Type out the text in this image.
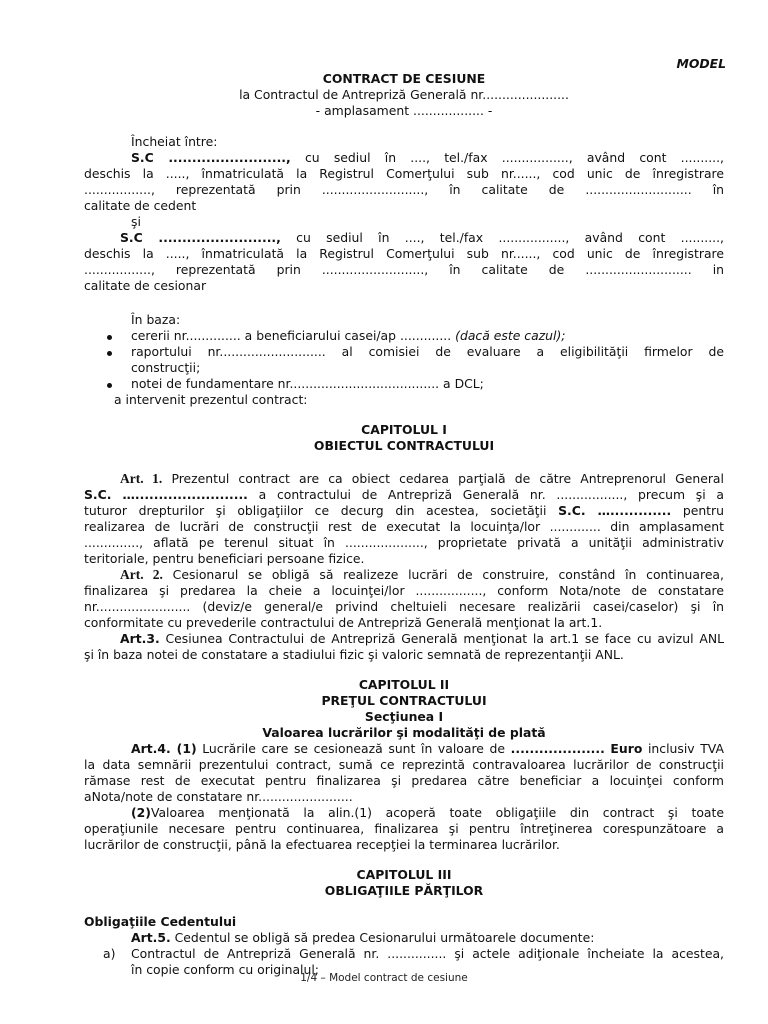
MODEL
CONTRACT DE CESIUNE
la Contractul de Antrepriză Generală nr......................
- amplasament .................. -
Încheiat între:
S.C ........................., cu sediul în ...., tel./fax ................., având cont ..........,
deschis la ....., înmatriculată la Registrul Comerţului sub nr......, cod unic de înregistrare
................., reprezentată prin .........................., în calitate de ........................... în
calitate de cedent
şi
S.C ........................., cu sediul în ...., tel./fax ................., având cont ..........,
deschis la ....., înmatriculată la Registrul Comerţului sub nr......, cod unic de înregistrare
................., reprezentată prin .........................., în calitate de ........................... in
calitate de cesionar
În baza:
cererii nr.............. a beneficiarului casei/ap ............. (dacă este cazul);
raportului nr........................... al comisiei de evaluare a eligibilităţii firmelor de
construcţii;
notei de fundamentare nr...................................... a DCL;
a intervenit prezentul contract:
CAPITOLUL I
OBIECTUL CONTRACTULUI
Art. 1. Prezentul contract are ca obiect cedarea parţială de către Antreprenorul General
S.C. …........................ a contractului de Antrepriză Generală nr. ................., precum şi a
tuturor drepturilor şi obligaţiilor ce decurg din acestea, societăţii S.C. …............. pentru
realizarea de lucrări de construcţii rest de executat la locuinţa/lor ............. din amplasament
.............., aflată pe terenul situat în ...................., proprietate privată a unităţii administrativ
teritoriale, pentru beneficiari persoane fizice.
Art. 2. Cesionarul se obligă să realizeze lucrări de construire, constând în continuarea,
finalizarea şi predarea la cheie a locuinţei/lor ................., conform Nota/note de constatare
nr........................ (deviz/e general/e privind cheltuieli necesare realizării casei/caselor) şi în
conformitate cu prevederile contractului de Antrepriză Generală menţionat la art.1.
Art.3. Cesiunea Contractului de Antrepriză Generală menţionat la art.1 se face cu avizul ANL
şi în baza notei de constatare a stadiului fizic şi valoric semnată de reprezentanţii ANL.
CAPITOLUL II
PREŢUL CONTRACTULUI
Secţiunea I
Valoarea lucrărilor şi modalităţi de plată
Art.4. (1) Lucrările care se cesionează sunt în valoare de .................... Euro inclusiv TVA
la data semnării prezentului contract, sumă ce reprezintă contravaloarea lucrărilor de construcţii
rămase rest de executat pentru finalizarea şi predarea către beneficiar a locuinţei conform
aNota/note de constatare nr........................
(2)Valoarea menţionată la alin.(1) acoperă toate obligaţiile din contract şi toate
operaţiunile necesare pentru continuarea, finalizarea şi pentru întreţinerea corespunzătoare a
lucrărilor de construcţii, până la efectuarea recepţiei la terminarea lucrărilor.
CAPITOLUL III
OBLIGAŢIILE PĂRŢILOR
Obligaţiile Cedentului
Art.5. Cedentul se obligă să predea Cesionarului următoarele documente:
a) Contractul de Antrepriză Generală nr. ............... şi actele adiţionale încheiate la acestea,
în copie conform cu originalul;
1/4 – Model contract de cesiune
